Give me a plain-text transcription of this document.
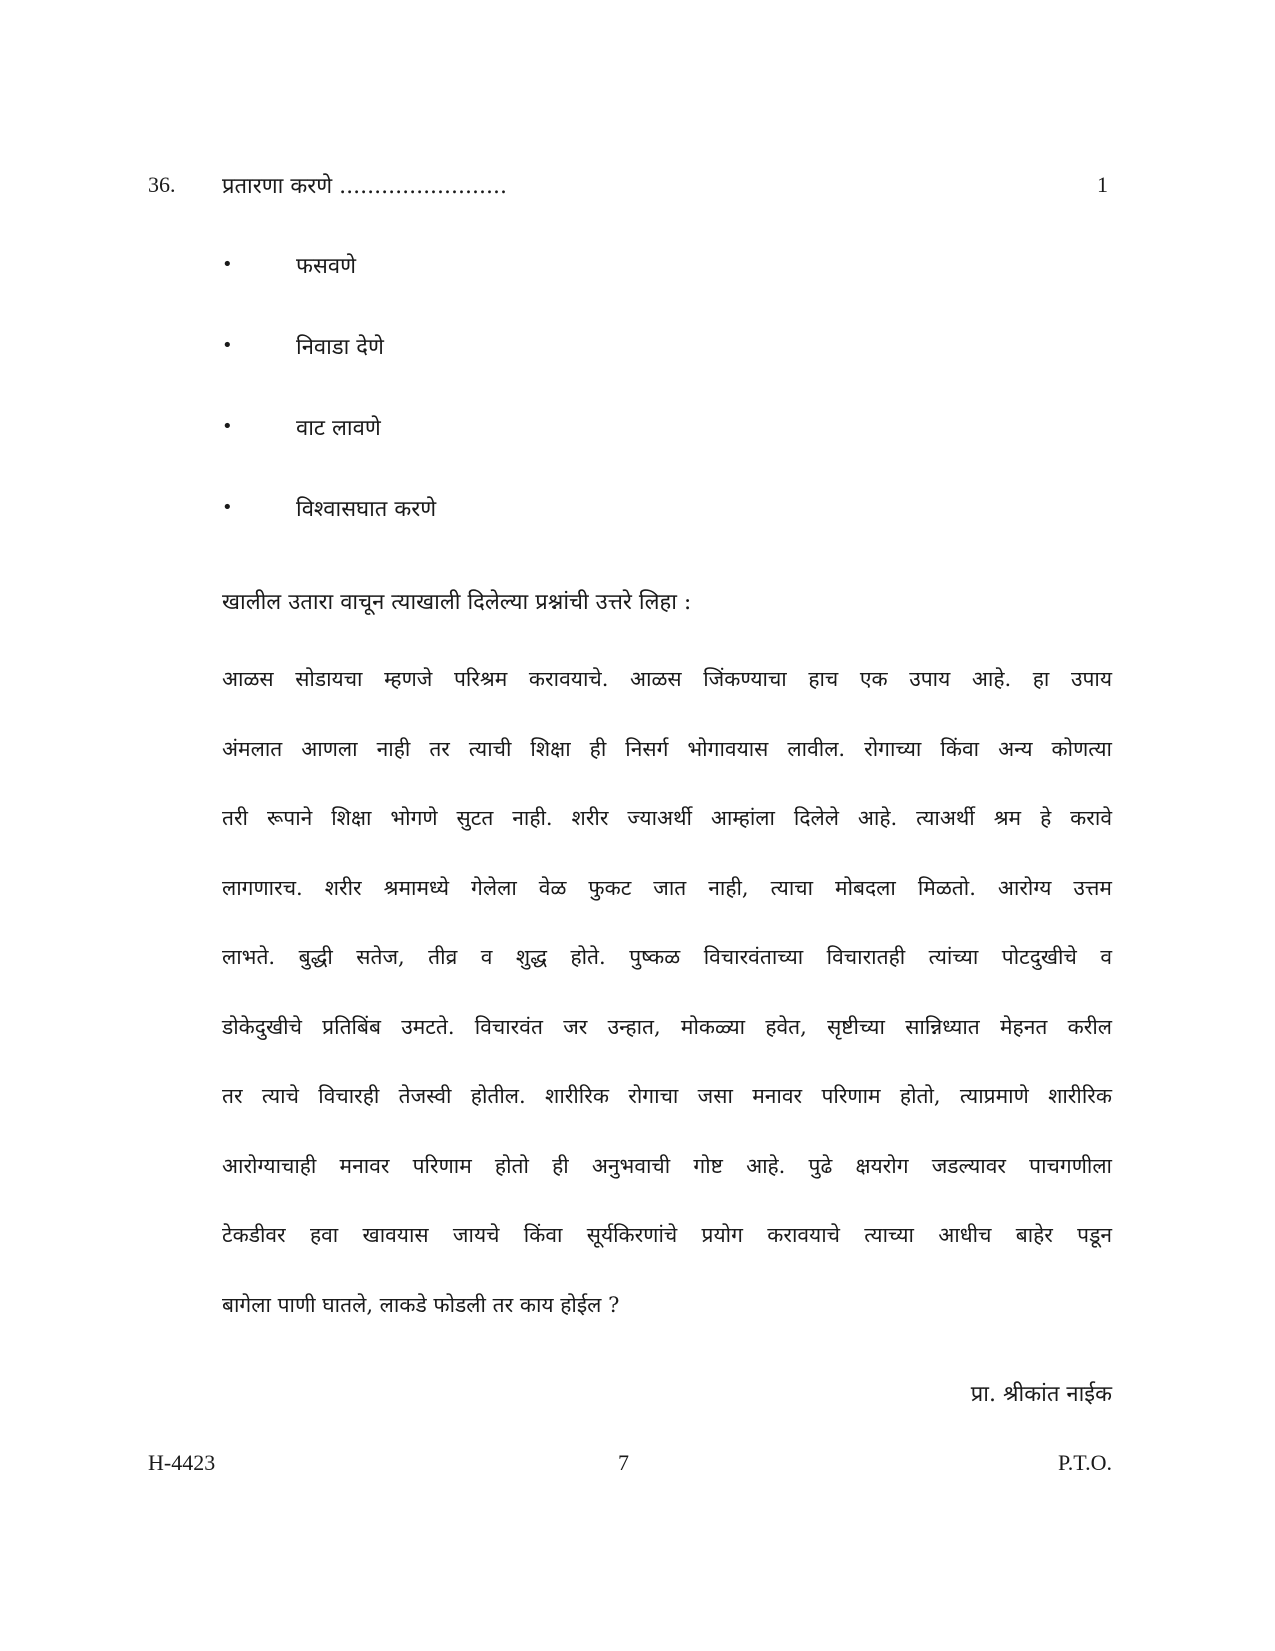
36. प्रतारणा करणे ........................	1
•	फसवणे
•	निवाडा देणे
•	वाट लावणे
•	विश्वासघात करणे
खालील उतारा वाचून त्याखाली दिलेल्या प्रश्नांची उत्तरे लिहा :
आळस सोडायचा म्हणजे परिश्रम करावयाचे. आळस जिंकण्याचा हाच एक उपाय आहे. हा उपाय
अंमलात आणला नाही तर त्याची शिक्षा ही निसर्ग भोगावयास लावील. रोगाच्या किंवा अन्य कोणत्या
तरी रूपाने शिक्षा भोगणे सुटत नाही. शरीर ज्याअर्थी आम्हांला दिलेले आहे. त्याअर्थी श्रम हे करावे
लागणारच. शरीर श्रमामध्ये गेलेला वेळ फुकट जात नाही, त्याचा मोबदला मिळतो. आरोग्य उत्तम
लाभते. बुद्धी सतेज, तीव्र व शुद्ध होते. पुष्कळ विचारवंताच्या विचारातही त्यांच्या पोटदुखीचे व
डोकेदुखीचे प्रतिबिंब उमटते. विचारवंत जर उन्हात, मोकळ्या हवेत, सृष्टीच्या सान्निध्यात मेहनत करील
तर त्याचे विचारही तेजस्वी होतील. शारीरिक रोगाचा जसा मनावर परिणाम होतो, त्याप्रमाणे शारीरिक
आरोग्याचाही मनावर परिणाम होतो ही अनुभवाची गोष्ट आहे. पुढे क्षयरोग जडल्यावर पाचगणीला
टेकडीवर हवा खावयास जायचे किंवा सूर्यकिरणांचे प्रयोग करावयाचे त्याच्या आधीच बाहेर पडून
बागेला पाणी घातले, लाकडे फोडली तर काय होईल ?
प्रा. श्रीकांत नाईक
H-4423	7	P.T.O.
